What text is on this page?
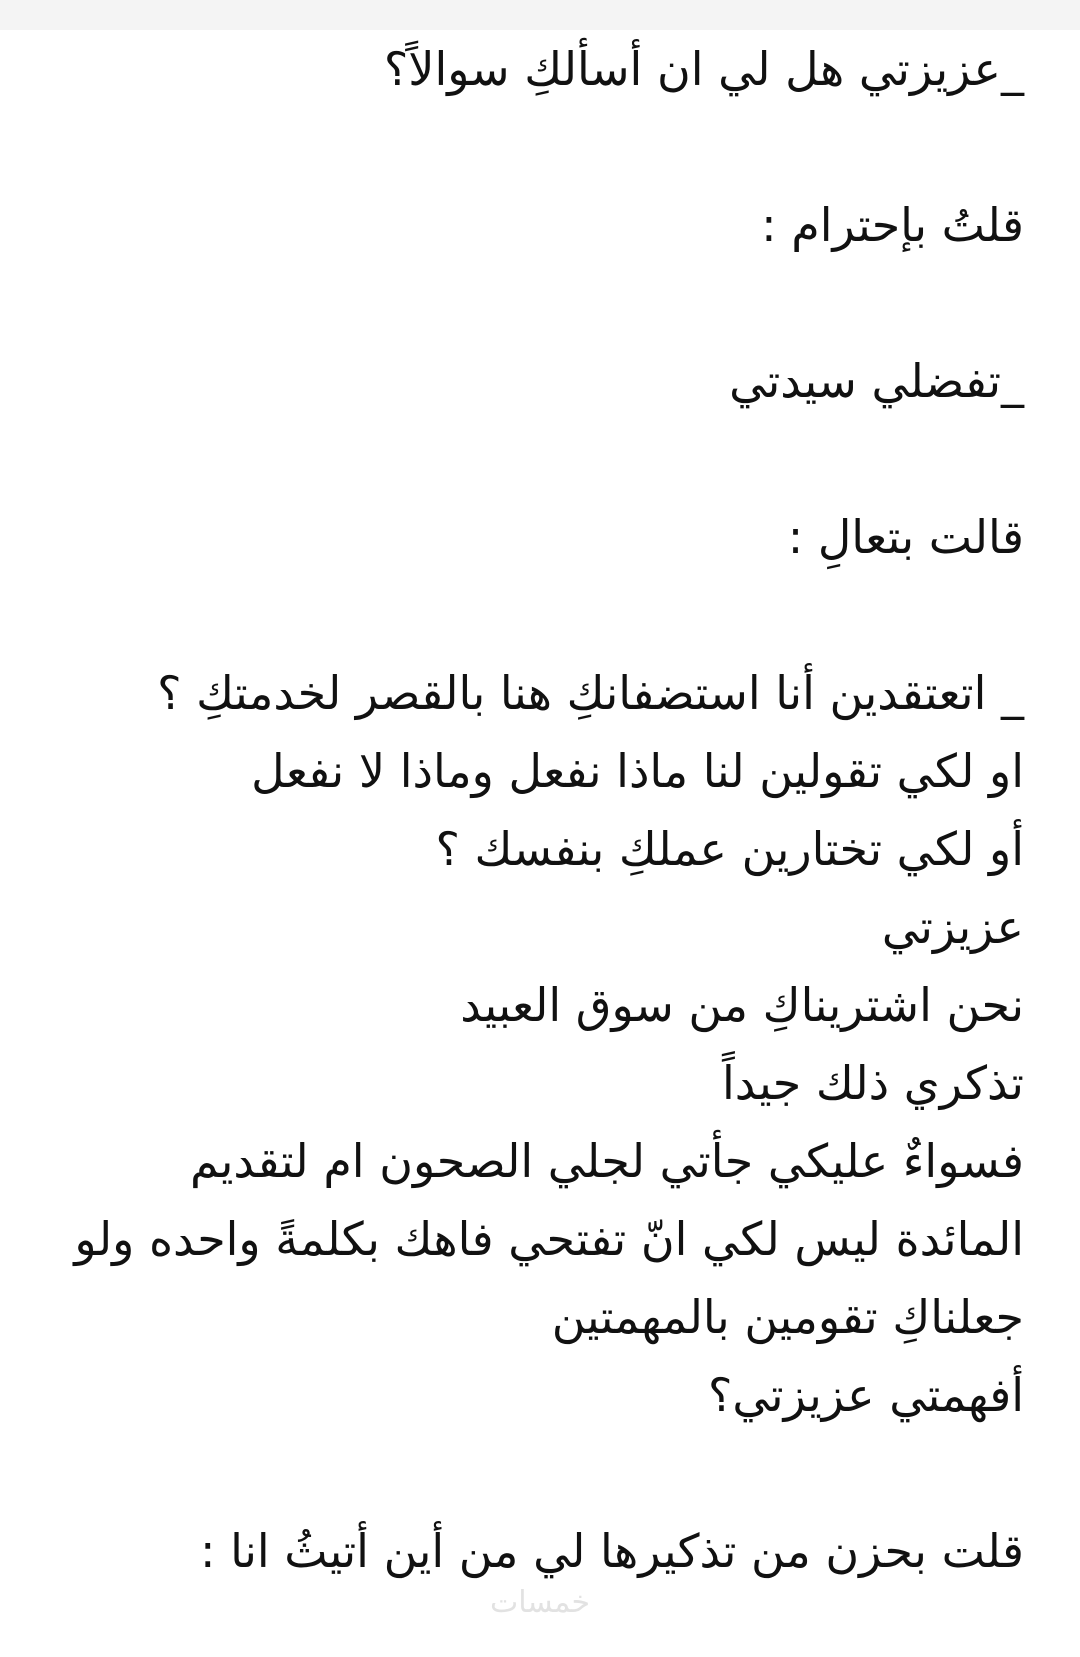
_عزيزتي هل لي ان أسألكِ سوالاً؟
قلتُ بإحترام :
_تفضلي سيدتي
قالت بتعالِ :
_ اتعتقدين أنا استضفانكِ هنا بالقصر لخدمتكِ ؟
او لكي تقولين لنا ماذا نفعل وماذا لا نفعل
أو لكي تختارين عملكِ بنفسك ؟
عزيزتي
نحن اشتريناكِ من سوق العبيد
تذكري ذلك جيداً
فسواءٌ عليكي جأتي لجلي الصحون ام لتقديم
المائدة ليس لكي انّ تفتحي فاهك بكلمةً واحده ولو
جعلناكِ تقومين بالمهمتين
أفهمتي عزيزتي؟
قلت بحزن من تذكيرها لي من أين أتيثُ انا :
خمسات
